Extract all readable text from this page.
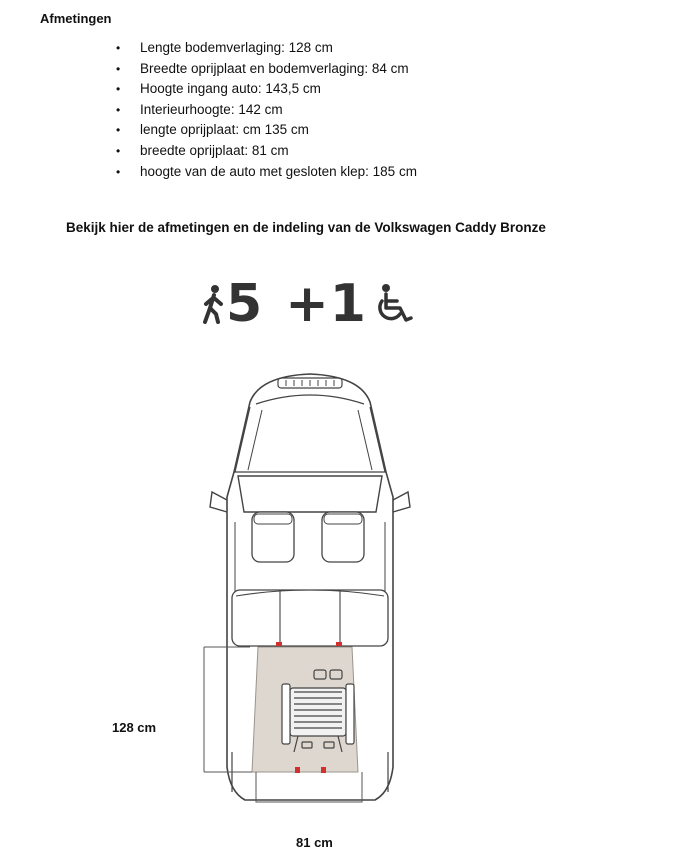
Afmetingen
• Lengte bodemverlaging: 128 cm
• Breedte oprijplaat en bodemverlaging: 84 cm
• Hoogte ingang auto: 143,5 cm
• Interieurhoogte: 142 cm
• lengte oprijplaat: cm 135 cm
• breedte oprijplaat: 81 cm
• hoogte van de auto met gesloten klep: 185 cm

Bekijk hier de afmetingen en de indeling van de Volkswagen Caddy Bronze

5 +1
128 cm
81 cm
